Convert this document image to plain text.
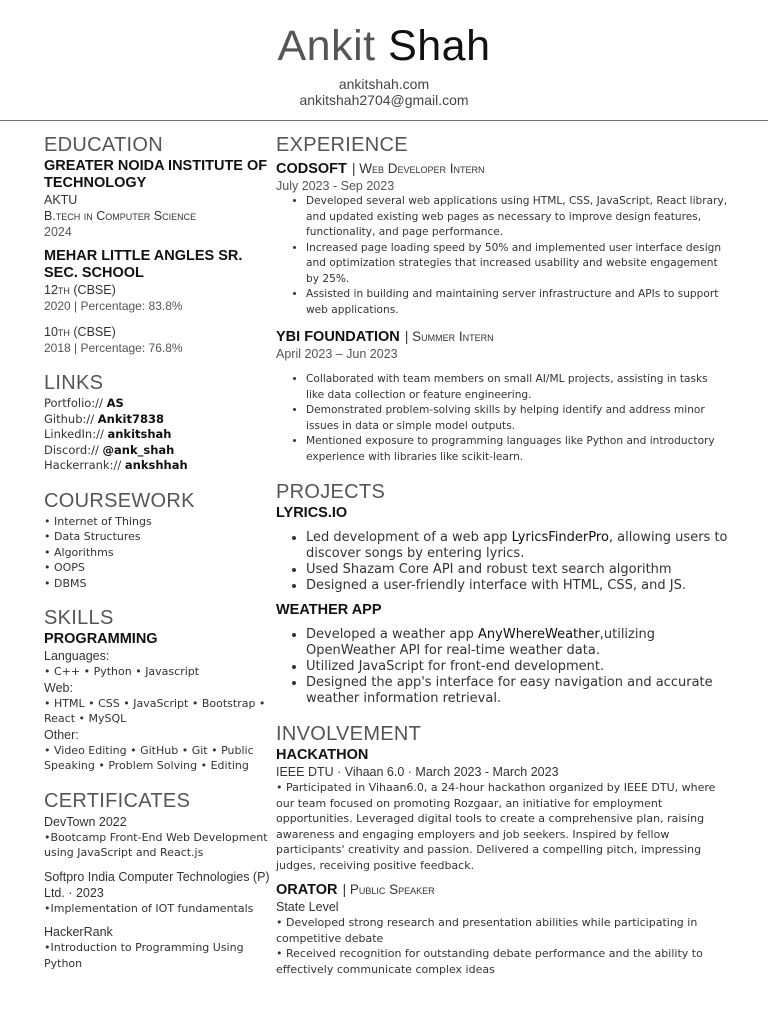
Ankit Shah
ankitshah.com
ankitshah2704@gmail.com
EDUCATION
GREATER NOIDA INSTITUTE OF TECHNOLOGY
AKTU
B.tech in Computer Science
2024
MEHAR LITTLE ANGLES SR. SEC. SCHOOL
12th (CBSE)
2020 | Percentage: 83.8%
10th (CBSE)
2018 | Percentage: 76.8%
LINKS
Portfolio:// AS
Github:// Ankit7838
LinkedIn:// ankitshah
Discord:// @ank_shah
Hackerrank:// ankshhah
COURSEWORK
• Internet of Things
• Data Structures
• Algorithms
• OOPS
• DBMS
SKILLS
PROGRAMMING
Languages:
• C++ • Python • Javascript
Web:
• HTML • CSS • JavaScript • Bootstrap •
React • MySQL
Other:
• Video Editing • GitHub • Git • Public
Speaking • Problem Solving • Editing
CERTIFICATES
DevTown 2022
•Bootcamp Front-End Web Development using JavaScript and React.js
Softpro India Computer Technologies (P) Ltd. · 2023
•Implementation of IOT fundamentals
HackerRank
•Introduction to Programming Using Python
EXPERIENCE
CODSOFT | Web Developer Intern
July 2023 - Sep 2023
• Developed several web applications using HTML, CSS, JavaScript, React library, and updated existing web pages as necessary to improve design features, functionality, and page performance.
• Increased page loading speed by 50% and implemented user interface design and optimization strategies that increased usability and website engagement by 25%.
• Assisted in building and maintaining server infrastructure and APIs to support web applications.
YBI FOUNDATION | Summer Intern
April 2023 – Jun 2023
• Collaborated with team members on small AI/ML projects, assisting in tasks like data collection or feature engineering.
• Demonstrated problem-solving skills by helping identify and address minor issues in data or simple model outputs.
• Mentioned exposure to programming languages like Python and introductory experience with libraries like scikit-learn.
PROJECTS
LYRICS.IO
• Led development of a web app LyricsFinderPro, allowing users to discover songs by entering lyrics.
• Used Shazam Core API and robust text search algorithm
• Designed a user-friendly interface with HTML, CSS, and JS.
WEATHER APP
• Developed a weather app AnyWhereWeather,utilizing OpenWeather API for real-time weather data.
• Utilized JavaScript for front-end development.
• Designed the app's interface for easy navigation and accurate weather information retrieval.
INVOLVEMENT
HACKATHON
IEEE DTU · Vihaan 6.0 · March 2023 - March 2023
• Participated in Vihaan6.0, a 24-hour hackathon organized by IEEE DTU, where our team focused on promoting Rozgaar, an initiative for employment opportunities. Leveraged digital tools to create a comprehensive plan, raising awareness and engaging employers and job seekers. Inspired by fellow participants' creativity and passion. Delivered a compelling pitch, impressing judges, receiving positive feedback.
ORATOR | Public Speaker
State Level
• Developed strong research and presentation abilities while participating in competitive debate
• Received recognition for outstanding debate performance and the ability to effectively communicate complex ideas
